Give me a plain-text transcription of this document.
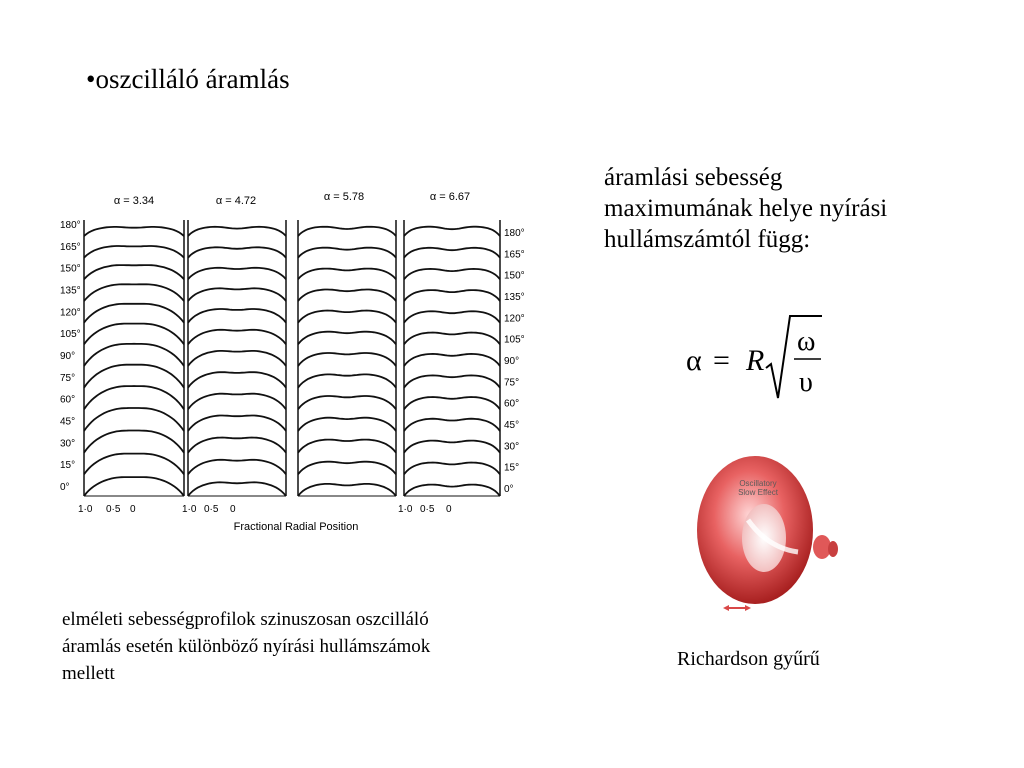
•oszcilláló áramlás
áramlási sebesség
maximumának helye nyírási
hullámszámtól függ:
α = R
ω
υ
α = 3.34	α = 4.72	α = 5.78	α = 6.67
180°
165°
150°
135°
120°
105°
90°
75°
60°
45°
30°
15°
0°
180°
165°
150°
135°
120°
105°
90°
75°
60°
45°
30°
15°
0°
1·0 0·5 0	1·0 0·5 0	1·0 0·5 0
Fractional Radial Position
Oscillatory
Slow Effect
elméleti sebességprofilok szinuszosan oszcilláló
áramlás esetén különböző nyírási hullámszámok
mellett
Richardson gyűrű
